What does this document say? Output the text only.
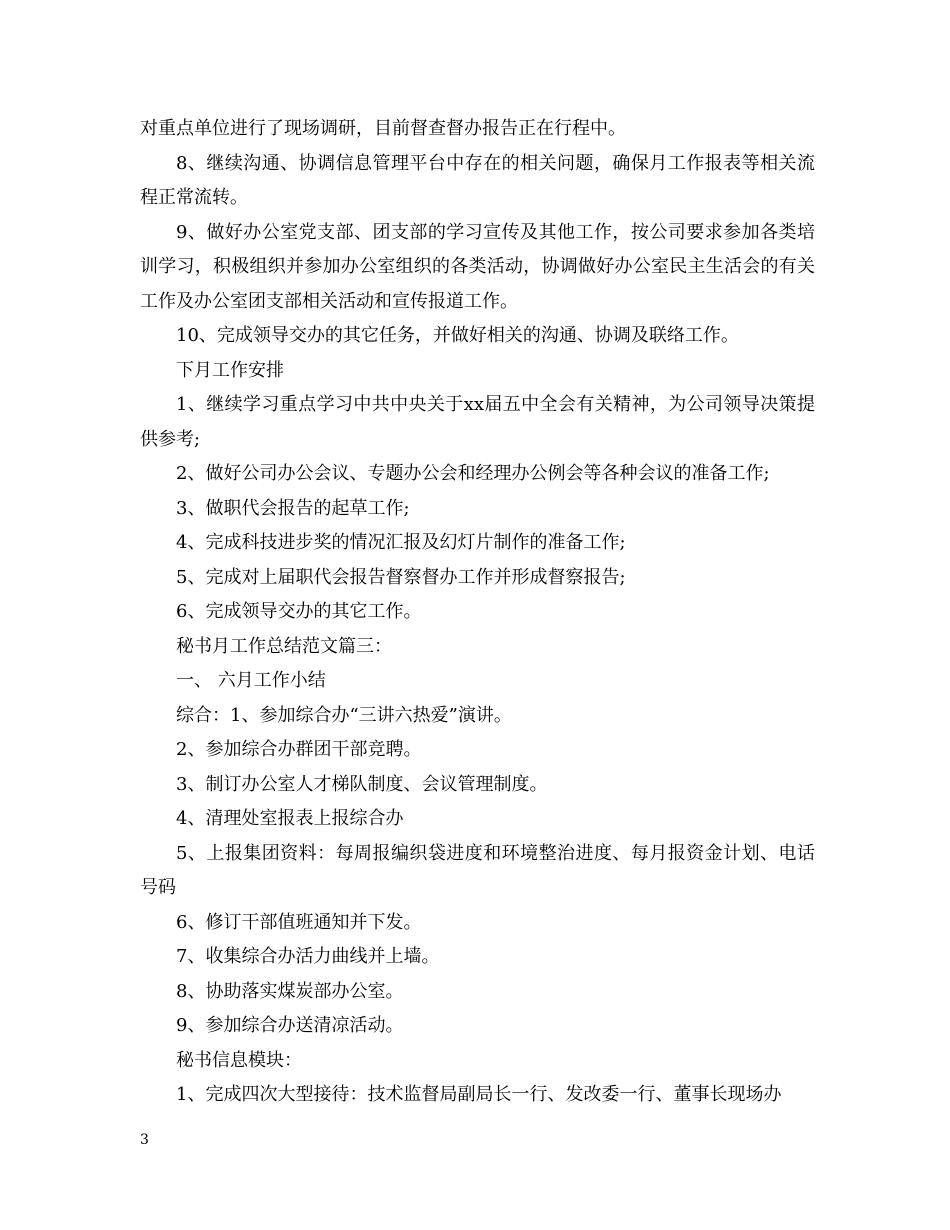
对重点单位进行了现场调研，目前督查督办报告正在行程中。

8、继续沟通、协调信息管理平台中存在的相关问题，确保月工作报表等相关流程正常流转。

9、做好办公室党支部、团支部的学习宣传及其他工作，按公司要求参加各类培训学习，积极组织并参加办公室组织的各类活动，协调做好办公室民主生活会的有关工作及办公室团支部相关活动和宣传报道工作。

10、完成领导交办的其它任务，并做好相关的沟通、协调及联络工作。

下月工作安排

1、继续学习重点学习中共中央关于xx届五中全会有关精神，为公司领导决策提供参考;

2、做好公司办公会议、专题办公会和经理办公例会等各种会议的准备工作;

3、做职代会报告的起草工作;

4、完成科技进步奖的情况汇报及幻灯片制作的准备工作;

5、完成对上届职代会报告督察督办工作并形成督察报告;

6、完成领导交办的其它工作。

秘书月工作总结范文篇三：

一、 六月工作小结

综合：1、参加综合办“三讲六热爱”演讲。

2、参加综合办群团干部竞聘。

3、制订办公室人才梯队制度、会议管理制度。

4、清理处室报表上报综合办

5、上报集团资料：每周报编织袋进度和环境整治进度、每月报资金计划、电话号码

6、修订干部值班通知并下发。

7、收集综合办活力曲线并上墙。

8、协助落实煤炭部办公室。

9、参加综合办送清凉活动。

秘书信息模块：

1、完成四次大型接待：技术监督局副局长一行、发改委一行、董事长现场办

3
